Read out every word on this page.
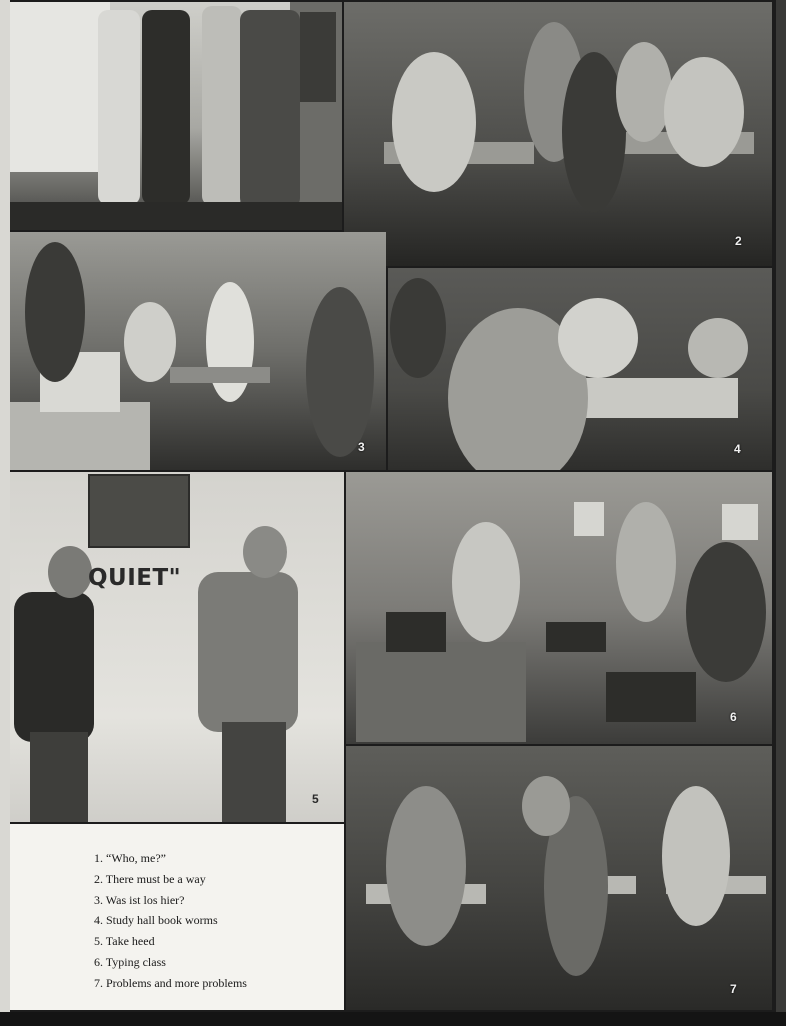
2
3	4
5
QUIET"
6
7
1. “Who, me?”
2. There must be a way
3. Was ist los hier?
4. Study hall book worms
5. Take heed
6. Typing class
7. Problems and more problems
